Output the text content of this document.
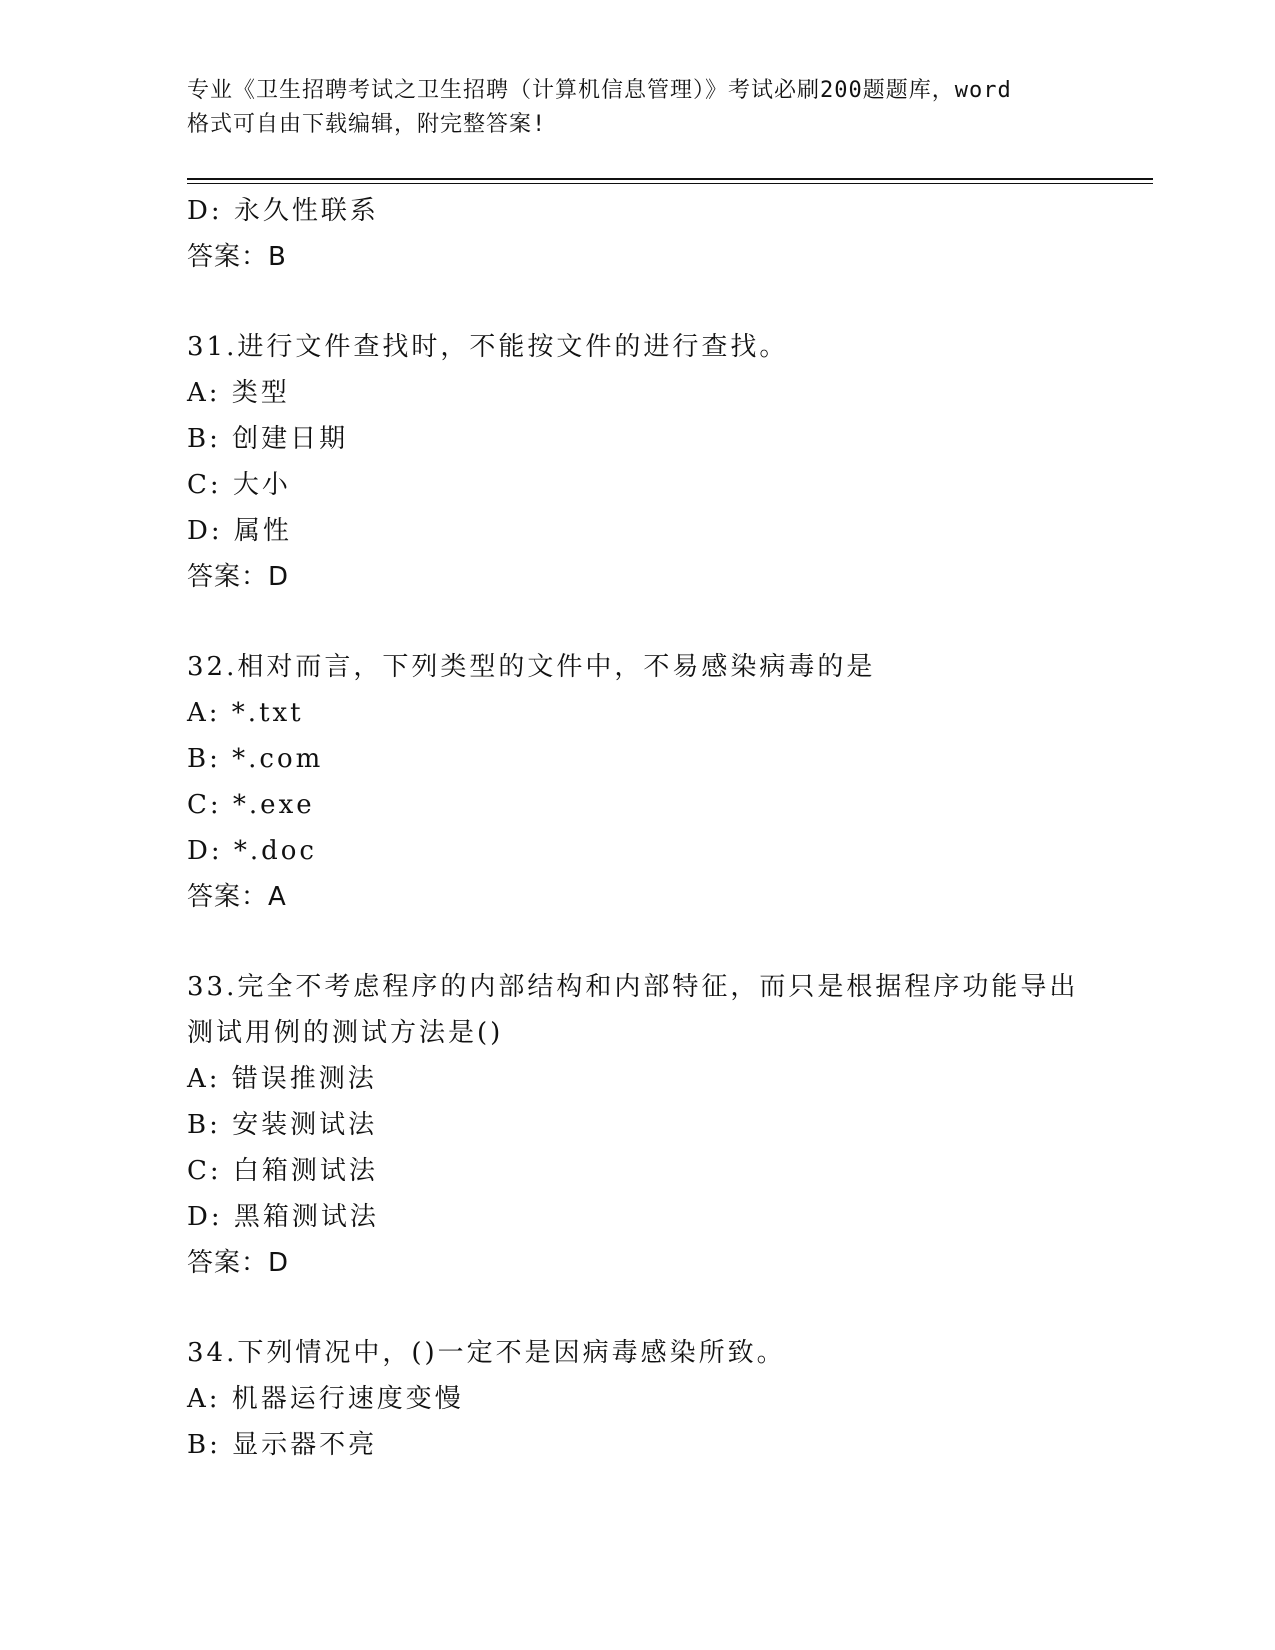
专业《卫生招聘考试之卫生招聘（计算机信息管理）》考试必刷200题题库，word
格式可自由下载编辑，附完整答案!
D: 永久性联系
答案：B
31.进行文件查找时，不能按文件的进行查找。
A: 类型
B: 创建日期
C: 大小
D: 属性
答案：D
32.相对而言，下列类型的文件中，不易感染病毒的是
A: *.txt
B: *.com
C: *.exe
D: *.doc
答案：A
33.完全不考虑程序的内部结构和内部特征，而只是根据程序功能导出
测试用例的测试方法是()
A: 错误推测法
B: 安装测试法
C: 白箱测试法
D: 黑箱测试法
答案：D
34.下列情况中，()一定不是因病毒感染所致。
A: 机器运行速度变慢
B: 显示器不亮
